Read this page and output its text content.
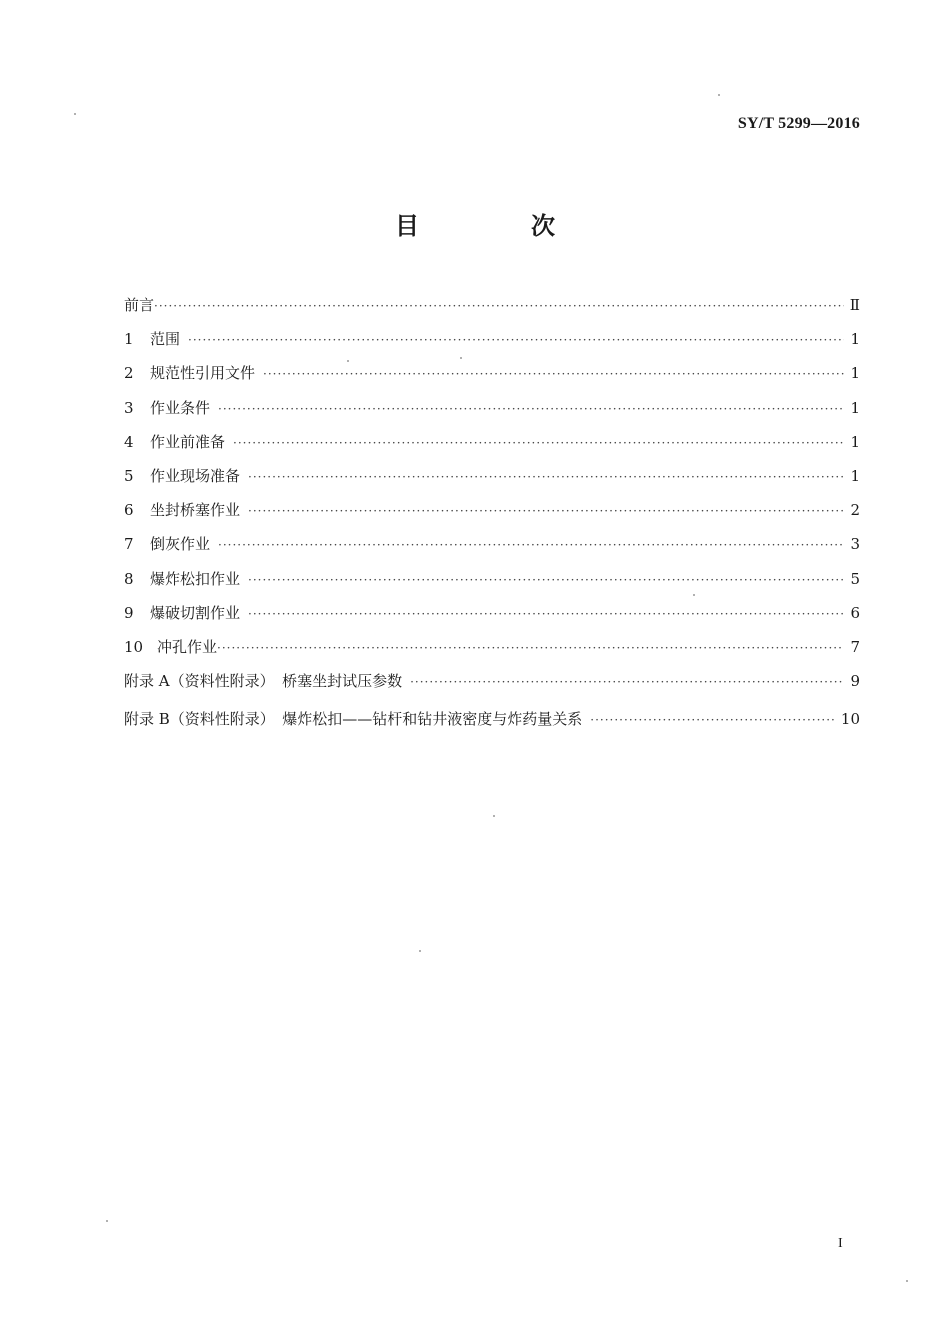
SY/T 5299—2016
目　次
前言 ·····	Ⅱ
1	范围 ·····	1
2	规范性引用文件 ·····	1
3	作业条件 ·····	1
4	作业前准备 ·····	1
5	作业现场准备 ·····	1
6	坐封桥塞作业 ·····	2
7	倒灰作业 ·····	3
8	爆炸松扣作业 ·····	5
9	爆破切割作业 ·····	6
10 冲孔作业 ·····	7
附录 A（资料性附录）　桥塞坐封试压参数 ·····	9
附录 B（资料性附录）　爆炸松扣——钻杆和钻井液密度与炸药量关系 ·····	10
I
